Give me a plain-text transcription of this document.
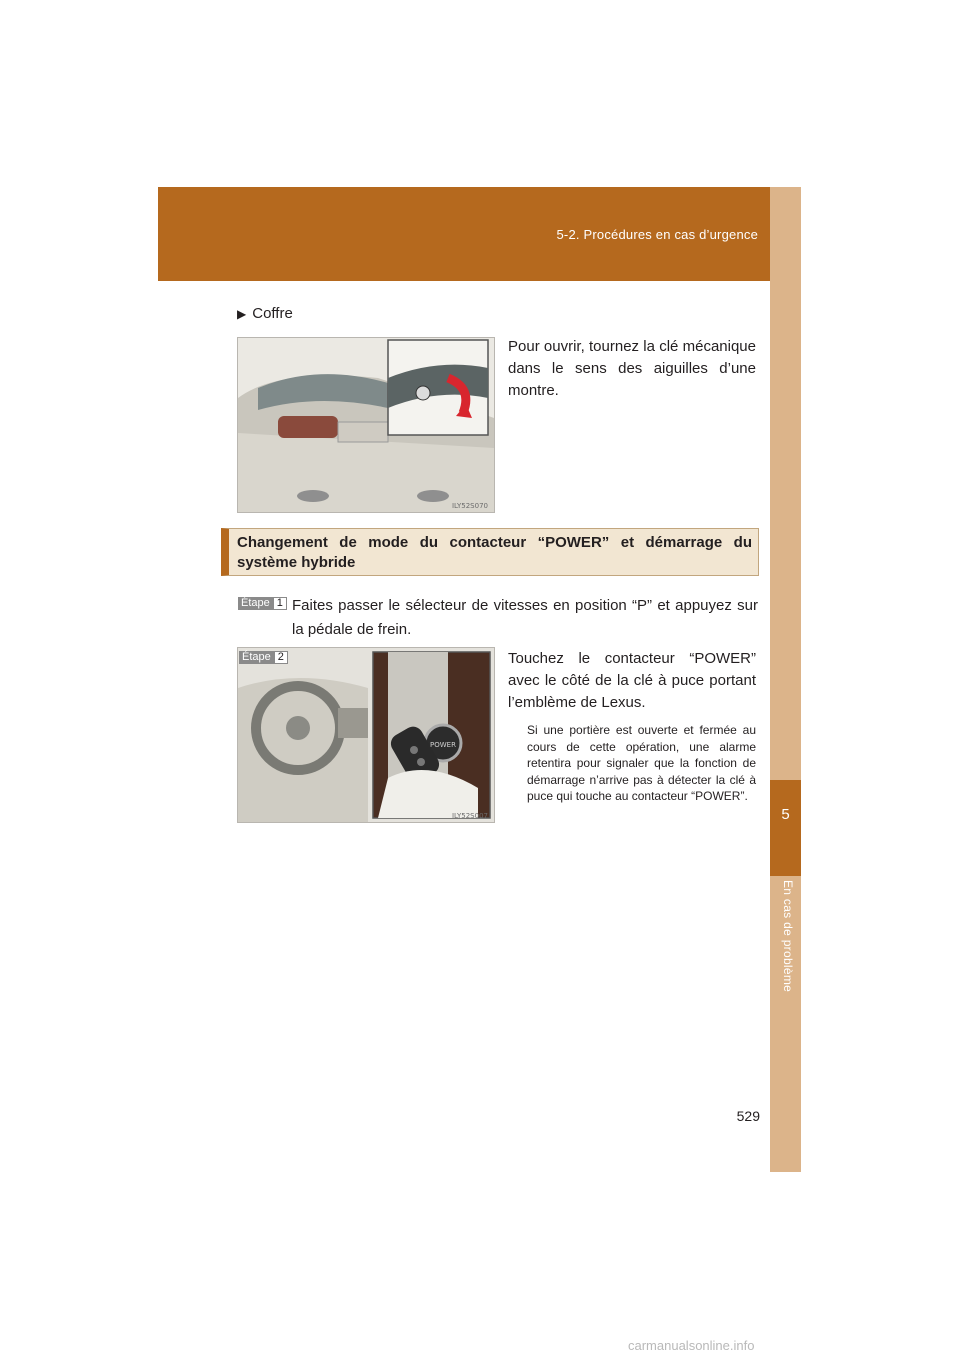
5-2. Procédures en cas d’urgence
5
En cas de problème
▶ Coffre
ILY52S070
Pour ouvrir, tournez la clé mécanique dans le sens des aiguilles d’une montre.
Changement de mode du contacteur “POWER” et démarrage du système hybride
Étape 1 Faites passer le sélecteur de vitesses en position “P” et appuyez sur la pédale de frein.
POWER
ILY52S007
Étape 2	Touchez le contacteur “POWER” avec le côté de la clé à puce portant l’emblème de Lexus.
Si une portière est ouverte et fermée au cours de cette opération, une alarme retentira pour signaler que la fonction de démarrage n’arrive pas à détecter la clé à puce qui touche au contacteur “POWER”.
529
carmanualsonline.info
